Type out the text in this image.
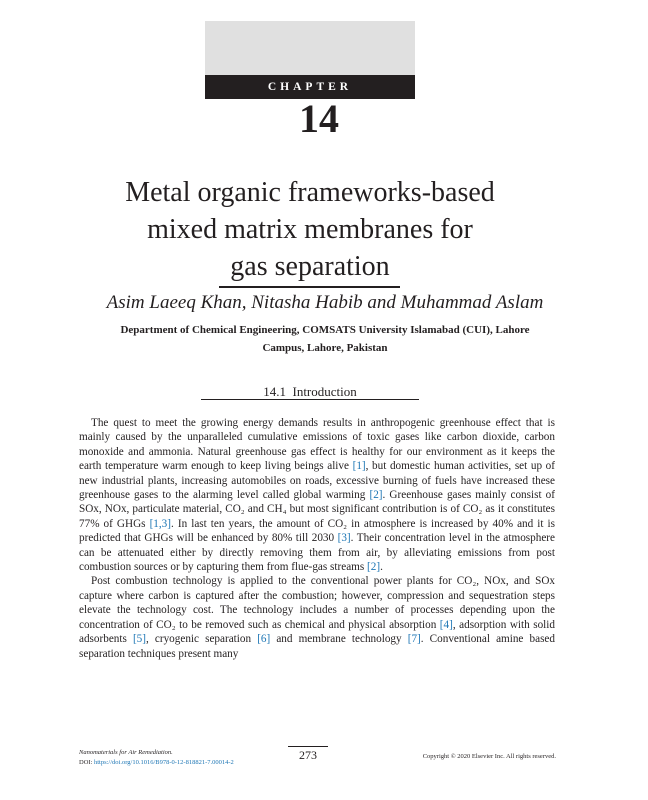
CHAPTER
14
Metal organic frameworks-based
mixed matrix membranes for
gas separation
Asim Laeeq Khan, Nitasha Habib and Muhammad Aslam
Department of Chemical Engineering, COMSATS University Islamabad (CUI), Lahore
Campus, Lahore, Pakistan
14.1 Introduction

The quest to meet the growing energy demands results in anthropogenic greenhouse effect that is mainly caused by the unparalleled cumulative emissions of toxic gases like carbon dioxide, carbon monoxide and ammonia. Natural greenhouse gas effect is healthy for our environment as it keeps the earth temperature warm enough to keep living beings alive [1], but domestic human activities, set up of new industrial plants, increasing automobiles on roads, excessive burning of fuels have increased these greenhouse gases to the alarming level called global warming [2]. Greenhouse gases mainly consist of SOx, NOx, particulate material, CO₂ and CH₄ but most significant contribution is of CO₂ as it constitutes 77% of GHGs [1,3]. In last ten years, the amount of CO₂ in atmosphere is increased by 40% and it is predicted that GHGs will be enhanced by 80% till 2030 [3]. Their concentration level in the atmosphere can be attenuated either by directly removing them from air, by alleviating emissions from post combustion sources or by capturing them from flue-gas streams [2].

Post combustion technology is applied to the conventional power plants for CO₂, NOx, and SOx capture where carbon is captured after the combustion; however, compression and sequestration steps elevate the technology cost. The technology includes a number of processes depending upon the concentration of CO₂ to be removed such as chemical and physical absorption [4], adsorption with solid adsorbents [5], cryogenic separation [6] and membrane technology [7]. Conventional amine based separation techniques present many

Nanomaterials for Air Remediation.
DOI: https://doi.org/10.1016/B978-0-12-818821-7.00014-2
273	Copyright © 2020 Elsevier Inc. All rights reserved.
